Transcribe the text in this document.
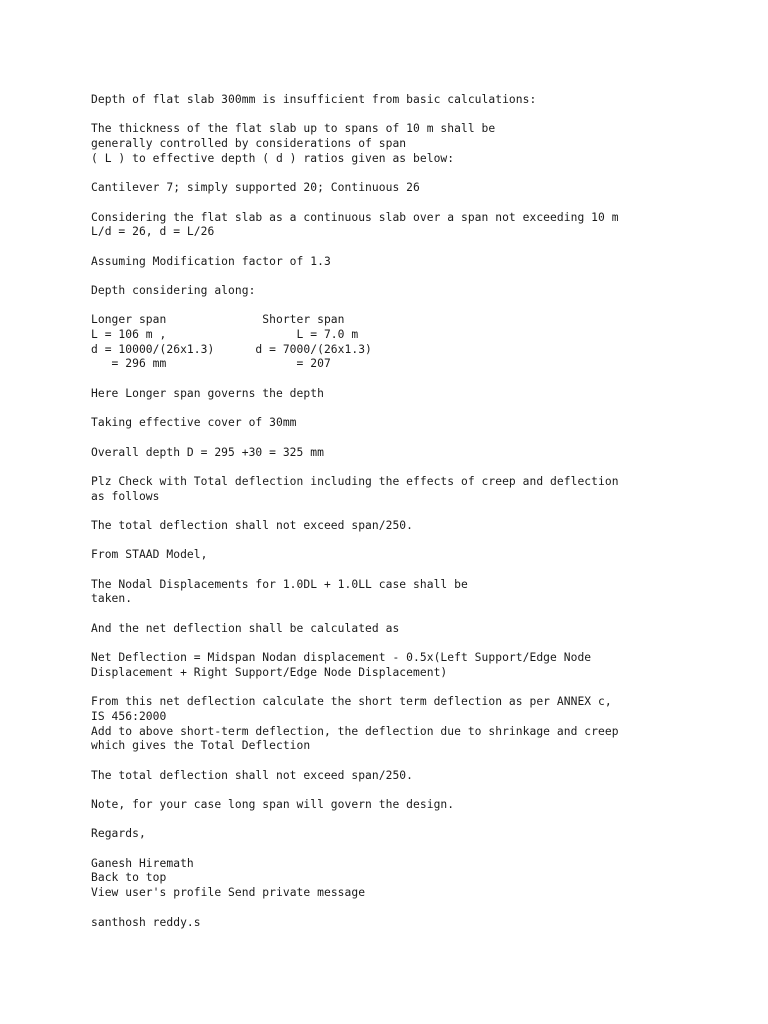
Depth of flat slab 300mm is insufficient from basic calculations:
The thickness of the flat slab up to spans of 10 m shall be
generally controlled by considerations of span
( L ) to effective depth ( d ) ratios given as below:
Cantilever 7; simply supported 20; Continuous 26
Considering the flat slab as a continuous slab over a span not exceeding 10 m
L/d = 26, d = L/26
Assuming Modification factor of 1.3
Depth considering along:
Longer span              Shorter span
L = 106 m ,                   L = 7.0 m
d = 10000/(26x1.3)      d = 7000/(26x1.3)
= 296 mm                   = 207
Here Longer span governs the depth
Taking effective cover of 30mm
Overall depth D = 295 +30 = 325 mm
Plz Check with Total deflection including the effects of creep and deflection
as follows
The total deflection shall not exceed span/250.
From STAAD Model,
The Nodal Displacements for 1.0DL + 1.0LL case shall be
taken.
And the net deflection shall be calculated as
Net Deflection = Midspan Nodan displacement - 0.5x(Left Support/Edge Node
Displacement + Right Support/Edge Node Displacement)
From this net deflection calculate the short term deflection as per ANNEX c,
IS 456:2000
Add to above short-term deflection, the deflection due to shrinkage and creep
which gives the Total Deflection
The total deflection shall not exceed span/250.
Note, for your case long span will govern the design.
Regards,
Ganesh Hiremath
Back to top
View user's profile Send private message
santhosh reddy.s
